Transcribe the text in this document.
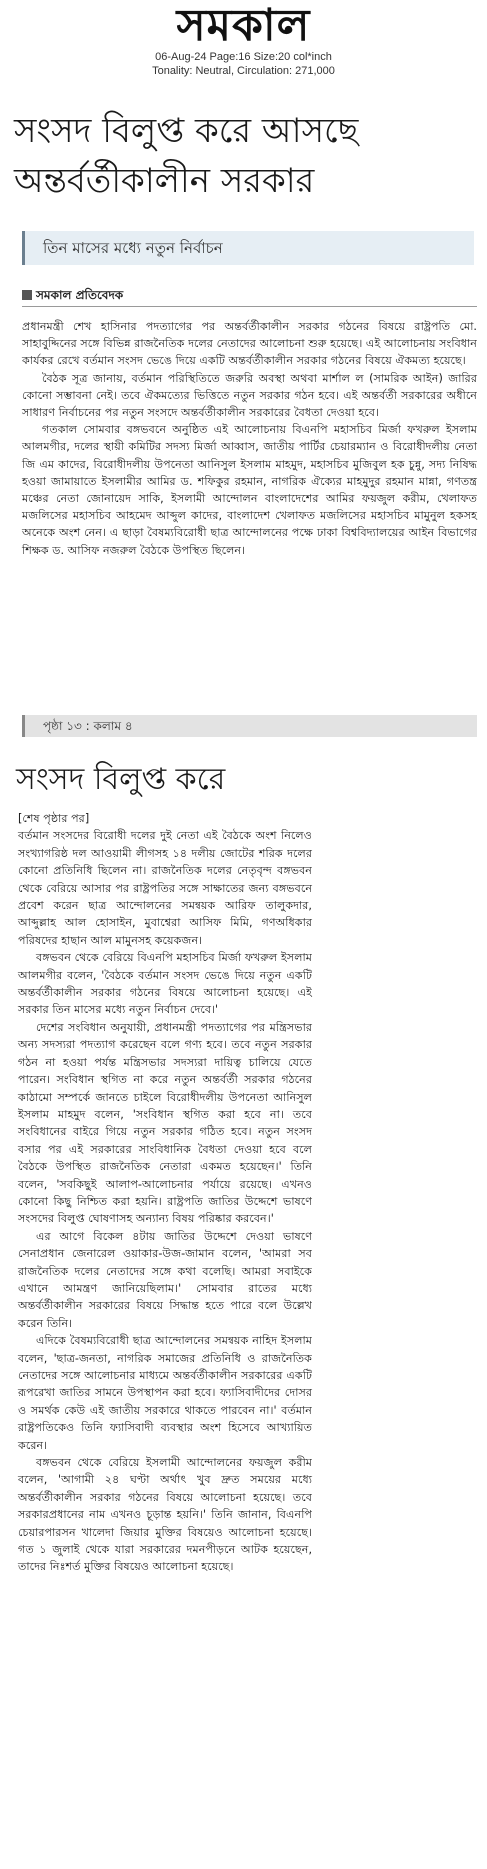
সমকাল
06-Aug-24 Page:16 Size:20 col*inch
Tonality: Neutral, Circulation: 271,000
সংসদ বিলুপ্ত করে আসছে
অন্তর্বর্তীকালীন সরকার
তিন মাসের মধ্যে নতুন নির্বাচন
সমকাল প্রতিবেদক

প্রধানমন্ত্রী শেখ হাসিনার পদত্যাগের পর অন্তর্বর্তীকালীন সরকার গঠনের বিষয়ে রাষ্ট্রপতি মো. সাহাবুদ্দিনের সঙ্গে বিভিন্ন রাজনৈতিক দলের নেতাদের আলোচনা শুরু হয়েছে। এই আলোচনায় সংবিধান কার্যকর রেখে বর্তমান সংসদ ভেঙে দিয়ে একটি অন্তর্বর্তীকালীন সরকার গঠনের বিষয়ে ঐকমত্য হয়েছে।

বৈঠক সূত্র জানায়, বর্তমান পরিস্থিতিতে জরুরি অবস্থা অথবা মার্শাল ল (সামরিক আইন) জারির কোনো সম্ভাবনা নেই। তবে ঐকমত্যের ভিত্তিতে নতুন সরকার গঠন হবে। এই অন্তর্বর্তী সরকারের অধীনে সাধারণ নির্বাচনের পর নতুন সংসদে অন্তর্বর্তীকালীন সরকারের বৈধতা দেওয়া হবে।

গতকাল সোমবার বঙ্গভবনে অনুষ্ঠিত এই আলোচনায় বিএনপি মহাসচিব মির্জা ফখরুল ইসলাম আলমগীর, দলের স্থায়ী কমিটির সদস্য মির্জা আব্বাস, জাতীয় পার্টির চেয়ারম্যান ও বিরোধীদলীয় নেতা জি এম কাদের, বিরোধীদলীয় উপনেতা আনিসুল ইসলাম মাহমুদ, মহাসচিব মুজিবুল হক চুন্নু, সদ্য নিষিদ্ধ হওয়া জামায়াতে ইসলামীর আমির ড. শফিকুর রহমান, নাগরিক ঐক্যের মাহমুদুর রহমান মান্না, গণতন্ত্র মঞ্চের নেতা জোনায়েদ সাকি, ইসলামী আন্দোলন বাংলাদেশের আমির ফয়জুল করীম, খেলাফত মজলিসের মহাসচিব আহমেদ আব্দুল কাদের, বাংলাদেশ খেলাফত মজলিসের মহাসচিব মামুনুল হকসহ অনেকে অংশ নেন। এ ছাড়া বৈষম্যবিরোধী ছাত্র আন্দোলনের পক্ষে ঢাকা বিশ্ববিদ্যালয়ের আইন বিভাগের শিক্ষক ড. আসিফ নজরুল বৈঠকে উপস্থিত ছিলেন।

পৃষ্ঠা ১৩ : কলাম ৪
সংসদ বিলুপ্ত করে

[শেষ পৃষ্ঠার পর]

বর্তমান সংসদের বিরোধী দলের দুই নেতা এই বৈঠকে অংশ নিলেও সংখ্যাগরিষ্ঠ দল আওয়ামী লীগসহ ১৪ দলীয় জোটের শরিক দলের কোনো প্রতিনিধি ছিলেন না। রাজনৈতিক দলের নেতৃবৃন্দ বঙ্গভবন থেকে বেরিয়ে আসার পর রাষ্ট্রপতির সঙ্গে সাক্ষাতের জন্য বঙ্গভবনে প্রবেশ করেন ছাত্র আন্দোলনের সমন্বয়ক আরিফ তালুকদার, আব্দুল্লাহ আল হোসাইন, মুবাশ্বেরা আসিফ মিমি, গণঅধিকার পরিষদের হাছান আল মামুনসহ কয়েকজন।

বঙ্গভবন থেকে বেরিয়ে বিএনপি মহাসচিব মির্জা ফখরুল ইসলাম আলমগীর বলেন, 'বৈঠকে বর্তমান সংসদ ভেঙে দিয়ে নতুন একটি অন্তর্বর্তীকালীন সরকার গঠনের বিষয়ে আলোচনা হয়েছে। এই সরকার তিন মাসের মধ্যে নতুন নির্বাচন দেবে।'

দেশের সংবিধান অনুযায়ী, প্রধানমন্ত্রী পদত্যাগের পর মন্ত্রিসভার অন্য সদস্যরা পদত্যাগ করেছেন বলে গণ্য হবে। তবে নতুন সরকার গঠন না হওয়া পর্যন্ত মন্ত্রিসভার সদস্যরা দায়িত্ব চালিয়ে যেতে পারেন। সংবিধান স্থগিত না করে নতুন অন্তর্বর্তী সরকার গঠনের কাঠামো সম্পর্কে জানতে চাইলে বিরোধীদলীয় উপনেতা আনিসুল ইসলাম মাহমুদ বলেন, 'সংবিধান স্থগিত করা হবে না। তবে সংবিধানের বাইরে গিয়ে নতুন সরকার গঠিত হবে। নতুন সংসদ বসার পর এই সরকারের সাংবিধানিক বৈধতা দেওয়া হবে বলে বৈঠকে উপস্থিত রাজনৈতিক নেতারা একমত হয়েছেন।' তিনি বলেন, 'সবকিছুই আলাপ-আলোচনার পর্যায়ে রয়েছে। এখনও কোনো কিছু নিশ্চিত করা হয়নি। রাষ্ট্রপতি জাতির উদ্দেশে ভাষণে সংসদের বিলুপ্ত ঘোষণাসহ অন্যান্য বিষয় পরিষ্কার করবেন।'

এর আগে বিকেল ৪টায় জাতির উদ্দেশে দেওয়া ভাষণে সেনাপ্রধান জেনারেল ওয়াকার-উজ-জামান বলেন, 'আমরা সব রাজনৈতিক দলের নেতাদের সঙ্গে কথা বলেছি। আমরা সবাইকে এখানে আমন্ত্রণ জানিয়েছিলাম।' সোমবার রাতের মধ্যে অন্তর্বর্তীকালীন সরকারের বিষয়ে সিদ্ধান্ত হতে পারে বলে উল্লেখ করেন তিনি।

এদিকে বৈষম্যবিরোধী ছাত্র আন্দোলনের সমন্বয়ক নাহিদ ইসলাম বলেন, 'ছাত্র-জনতা, নাগরিক সমাজের প্রতিনিধি ও রাজনৈতিক নেতাদের সঙ্গে আলোচনার মাধ্যমে অন্তর্বর্তীকালীন সরকারের একটি রূপরেখা জাতির সামনে উপস্থাপন করা হবে। ফ্যাসিবাদীদের দোসর ও সমর্থক কেউ এই জাতীয় সরকারে থাকতে পারবেন না।' বর্তমান রাষ্ট্রপতিকেও তিনি ফ্যাসিবাদী ব্যবস্থার অংশ হিসেবে আখ্যায়িত করেন।

বঙ্গভবন থেকে বেরিয়ে ইসলামী আন্দোলনের ফয়জুল করীম বলেন, 'আগামী ২৪ ঘণ্টা অর্থাৎ খুব দ্রুত সময়ের মধ্যে অন্তর্বর্তীকালীন সরকার গঠনের বিষয়ে আলোচনা হয়েছে। তবে সরকারপ্রধানের নাম এখনও চূড়ান্ত হয়নি।' তিনি জানান, বিএনপি চেয়ারপারসন খালেদা জিয়ার মুক্তির বিষয়েও আলোচনা হয়েছে। গত ১ জুলাই থেকে যারা সরকারের দমনপীড়নে আটক হয়েছেন, তাদের নিঃশর্ত মুক্তির বিষয়েও আলোচনা হয়েছে।
